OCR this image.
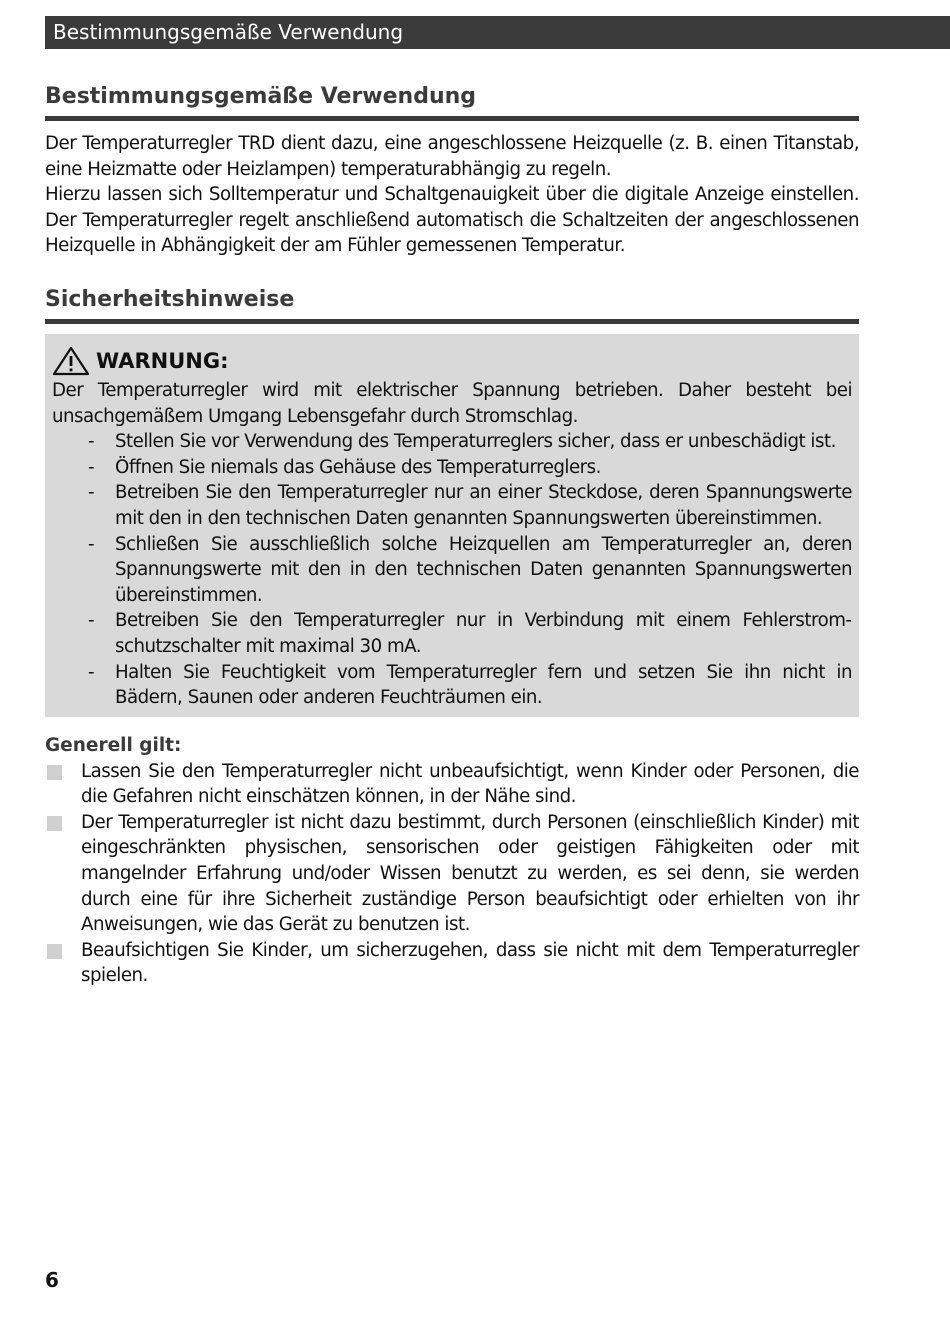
Bestimmungsgemäße Verwendung
Bestimmungsgemäße Verwendung

Der Temperaturregler TRD dient dazu, eine angeschlossene Heizquelle (z. B. einen Titanstab, eine Heizmatte oder Heizlampen) temperaturabhängig zu regeln.

Hierzu lassen sich Solltemperatur und Schaltgenauigkeit über die digitale Anzeige einstellen. Der Temperaturregler regelt anschließend automatisch die Schaltzeiten der angeschlossenen Heizquelle in Abhängigkeit der am Fühler gemessenen Temperatur.

Sicherheitshinweise
WARNUNG:
Der Temperaturregler wird mit elektrischer Spannung betrieben. Daher besteht bei unsachgemäßem Umgang Lebensgefahr durch Stromschlag.
- Stellen Sie vor Verwendung des Temperaturreglers sicher, dass er unbeschädigt ist.
- Öffnen Sie niemals das Gehäuse des Temperaturreglers.
- Betreiben Sie den Temperaturregler nur an einer Steckdose, deren Spannungswerte mit den in den technischen Daten genannten Spannungswerten übereinstimmen.
- Schließen Sie ausschließlich solche Heizquellen am Temperaturregler an, deren Spannungswerte mit den in den technischen Daten genannten Spannungswerten übereinstimmen.
- Betreiben Sie den Temperaturregler nur in Verbindung mit einem Fehlerstromschutzschalter mit maximal 30 mA.
- Halten Sie Feuchtigkeit vom Temperaturregler fern und setzen Sie ihn nicht in Bädern, Saunen oder anderen Feuchträumen ein.
Generell gilt:
Lassen Sie den Temperaturregler nicht unbeaufsichtigt, wenn Kinder oder Personen, die die Gefahren nicht einschätzen können, in der Nähe sind.
Der Temperaturregler ist nicht dazu bestimmt, durch Personen (einschließlich Kinder) mit eingeschränkten physischen, sensorischen oder geistigen Fähigkeiten oder mit mangelnder Erfahrung und/oder Wissen benutzt zu werden, es sei denn, sie werden durch eine für ihre Sicherheit zuständige Person beaufsichtigt oder erhielten von ihr Anweisungen, wie das Gerät zu benutzen ist.
Beaufsichtigen Sie Kinder, um sicherzugehen, dass sie nicht mit dem Temperaturregler spielen.
6
